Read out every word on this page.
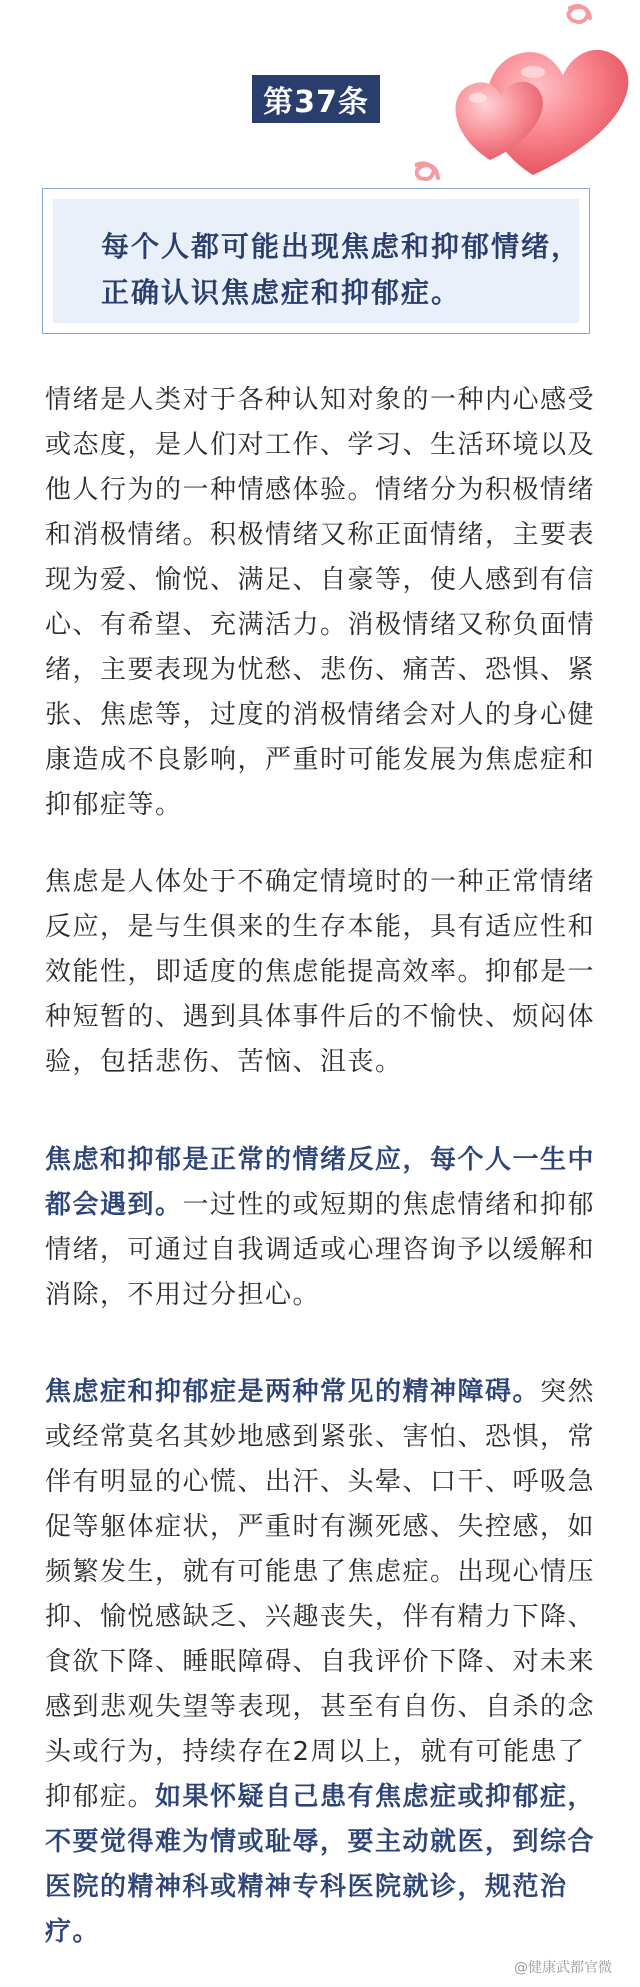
第37条
每个人都可能出现焦虑和抑郁情绪，
正确认识焦虑症和抑郁症。
情绪是人类对于各种认知对象的一种内心感受或态度，是人们对工作、学习、生活环境以及他人行为的一种情感体验。情绪分为积极情绪和消极情绪。积极情绪又称正面情绪，主要表现为爱、愉悦、满足、自豪等，使人感到有信心、有希望、充满活力。消极情绪又称负面情绪，主要表现为忧愁、悲伤、痛苦、恐惧、紧张、焦虑等，过度的消极情绪会对人的身心健康造成不良影响，严重时可能发展为焦虑症和抑郁症等。
焦虑是人体处于不确定情境时的一种正常情绪反应，是与生俱来的生存本能，具有适应性和效能性，即适度的焦虑能提高效率。抑郁是一种短暂的、遇到具体事件后的不愉快、烦闷体验，包括悲伤、苦恼、沮丧。
焦虑和抑郁是正常的情绪反应，每个人一生中都会遇到。一过性的或短期的焦虑情绪和抑郁情绪，可通过自我调适或心理咨询予以缓解和消除，不用过分担心。
焦虑症和抑郁症是两种常见的精神障碍。突然或经常莫名其妙地感到紧张、害怕、恐惧，常伴有明显的心慌、出汗、头晕、口干、呼吸急促等躯体症状，严重时有濒死感、失控感，如频繁发生，就有可能患了焦虑症。出现心情压抑、愉悦感缺乏、兴趣丧失，伴有精力下降、食欲下降、睡眠障碍、自我评价下降、对未来感到悲观失望等表现，甚至有自伤、自杀的念头或行为，持续存在2周以上，就有可能患了抑郁症。如果怀疑自己患有焦虑症或抑郁症，不要觉得难为情或耻辱，要主动就医，到综合医院的精神科或精神专科医院就诊，规范治疗。
@健康武都官微
